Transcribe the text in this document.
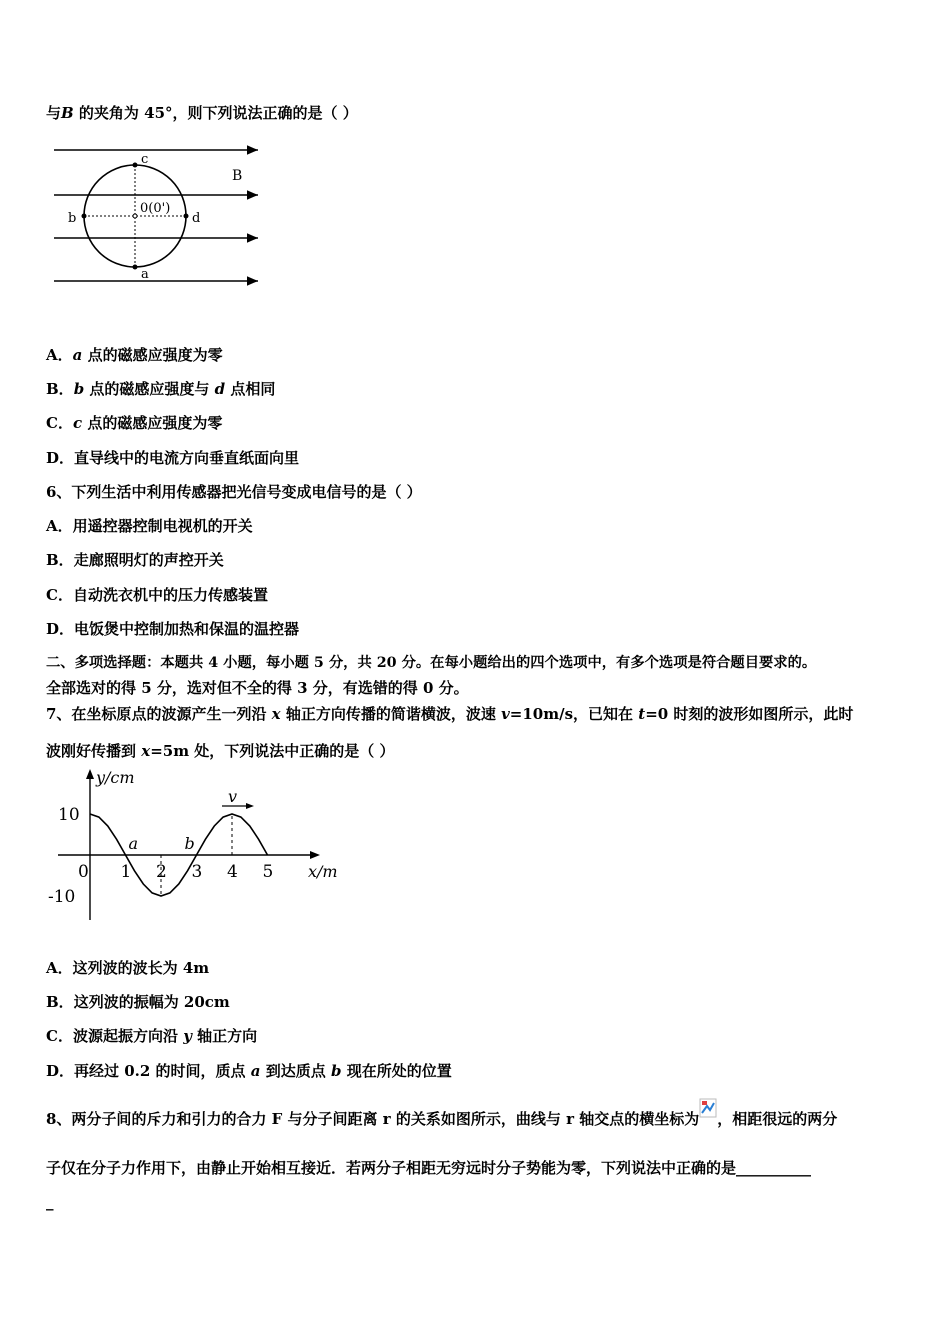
与B 的夹角为 45°，则下列说法正确的是（ ）
B
0(0')
c
a
b	d
A．a 点的磁感应强度为零
B．b 点的磁感应强度与 d 点相同
C．c 点的磁感应强度为零
D．直导线中的电流方向垂直纸面向里
6、下列生活中利用传感器把光信号变成电信号的是（ ）
A．用遥控器控制电视机的开关
B．走廊照明灯的声控开关
C．自动洗衣机中的压力传感装置
D．电饭煲中控制加热和保温的温控器
二、多项选择题：本题共 4 小题，每小题 5 分，共 20 分。在每小题给出的四个选项中，有多个选项是符合题目要求的。
全部选对的得 5 分，选对但不全的得 3 分，有选错的得 0 分。
7、在坐标原点的波源产生一列沿 x 轴正方向传播的简谐横波，波速 v=10m/s，已知在 t=0 时刻的波形如图所示，此时
波刚好传播到 x=5m 处，下列说法中正确的是（ ）
y/cm
x/m
0 1 2 3 4 5
10
-10
a	b
v
A．这列波的波长为 4m
B．这列波的振幅为 20cm
C．波源起振方向沿 y 轴正方向
D．再经过 0.2 的时间，质点 a 到达质点 b 现在所处的位置
8、两分子间的斥力和引力的合力 F 与分子间距离 r 的关系如图所示，曲线与 r 轴交点的横坐标为 ，相距很远的两分
子仅在分子力作用下，由静止开始相互接近．若两分子相距无穷远时分子势能为零，下列说法中正确的是__________
_
